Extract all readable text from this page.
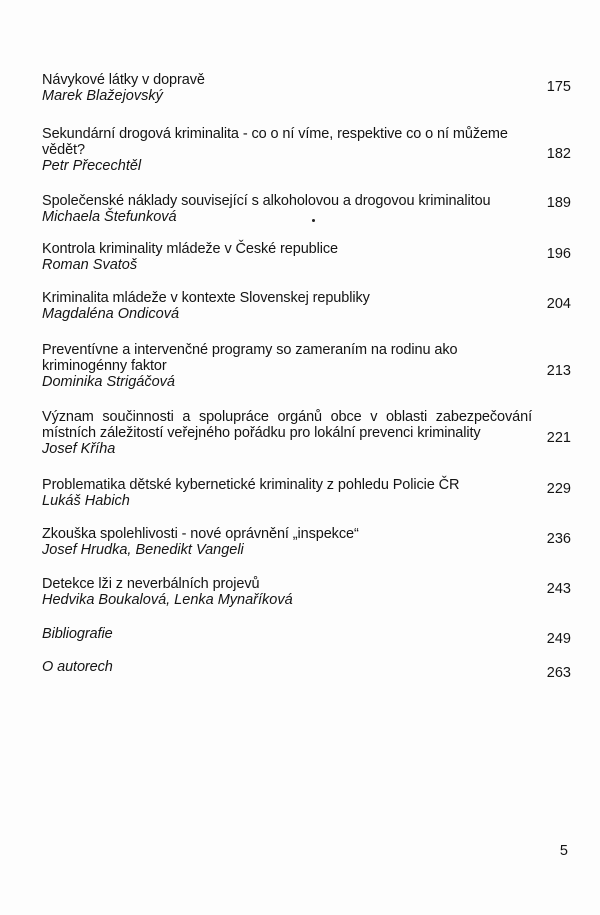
Návykové látky v dopravě
Marek Blažejovský
175
Sekundární drogová kriminalita - co o ní víme, respektive co o ní můžeme vědět?
Petr Přecechtěl
182
Společenské náklady související s alkoholovou a drogovou kriminalitou
Michaela Štefunková
189
Kontrola kriminality mládeže v České republice
Roman Svatoš
196
Kriminalita mládeže v kontexte Slovenskej republiky
Magdaléna Ondicová
204
Preventívne a intervenčné programy so zameraním na rodinu ako kriminogénny faktor
Dominika Strigáčová
213
Význam součinnosti a spolupráce orgánů obce v oblasti zabezpečování místních záležitostí veřejného pořádku pro lokální prevenci kriminality
Josef Kříha
221
Problematika dětské kybernetické kriminality z pohledu Policie ČR
Lukáš Habich
229
Zkouška spolehlivosti - nové oprávnění „inspekce“
Josef Hrudka, Benedikt Vangeli
236
Detekce lži z neverbálních projevů
Hedvika Boukalová, Lenka Mynaříková
243
Bibliografie	249
O autorech	263
5
